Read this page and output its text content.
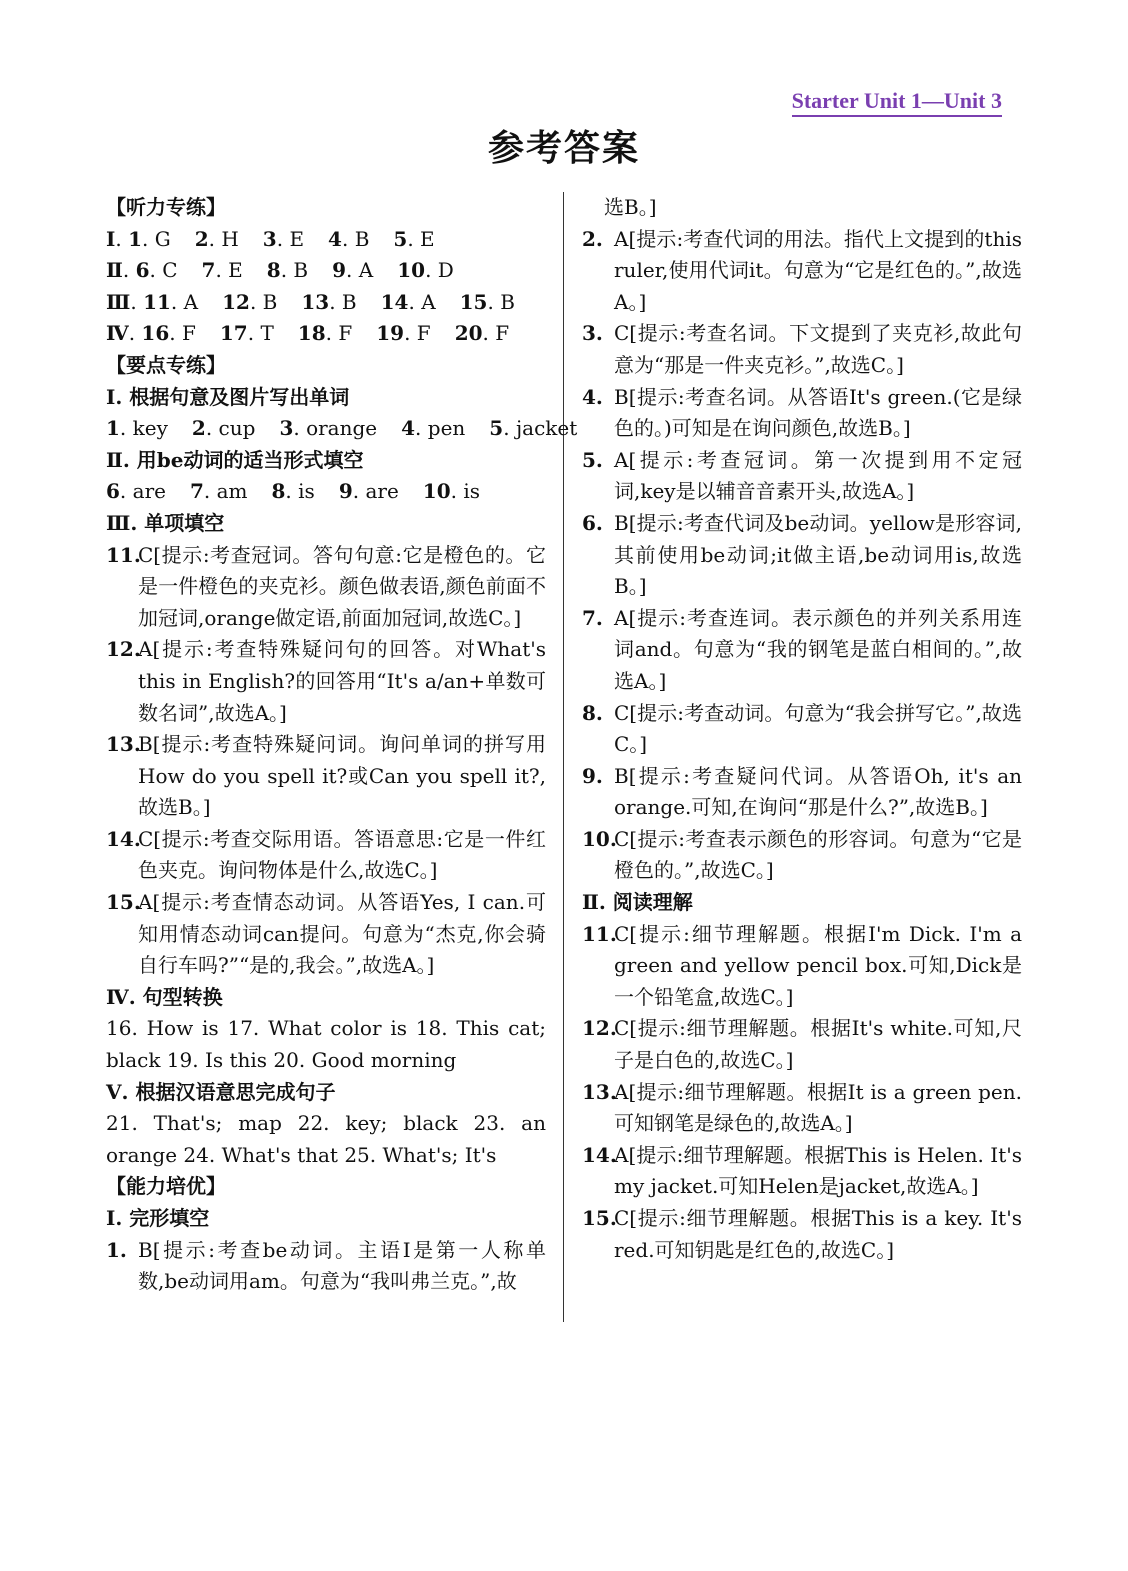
Starter Unit 1—Unit 3
参考答案
【听力专练】
Ⅰ. 1. G 2. H 3. E 4. B 5. E
Ⅱ. 6. C 7. E 8. B 9. A 10. D
Ⅲ. 11. A 12. B 13. B 14. A 15. B
Ⅳ. 16. F 17. T 18. F 19. F 20. F
【要点专练】
Ⅰ. 根据句意及图片写出单词
1. key 2. cup 3. orange 4. pen 5. jacket
Ⅱ. 用be动词的适当形式填空
6. are 7. am 8. is 9. are 10. is
Ⅲ. 单项填空
11.
C[提示:考查冠词。答句句意:它是橙色的。它是一件橙色的夹克衫。颜色做表语,颜色前面不加冠词,orange做定语,前面加冠词,故选C。]
12.
A[提示:考查特殊疑问句的回答。对What's this in English?的回答用“It's a/an+单数可数名词”,故选A。]
13.
B[提示:考查特殊疑问词。询问单词的拼写用How do you spell it?或Can you spell it?,故选B。]
14.
C[提示:考查交际用语。答语意思:它是一件红色夹克。询问物体是什么,故选C。]
15.
A[提示:考查情态动词。从答语Yes, I can.可知用情态动词can提问。句意为“杰克,你会骑自行车吗?”“是的,我会。”,故选A。]
Ⅳ. 句型转换
16. How is 17. What color is 18. This cat; black 19. Is this 20. Good morning
Ⅴ. 根据汉语意思完成句子
21. That's; map 22. key; black 23. an orange 24. What's that 25. What's; It's
【能力培优】
Ⅰ. 完形填空
1. B[提示:考查be动词。主语I是第一人称单数,be动词用am。句意为“我叫弗兰克。”,故
选B。]
2. A[提示:考查代词的用法。指代上文提到的this ruler,使用代词it。句意为“它是红色的。”,故选A。]
3. C[提示:考查名词。下文提到了夹克衫,故此句意为“那是一件夹克衫。”,故选C。]
4. B[提示:考查名词。从答语It's green.(它是绿色的。)可知是在询问颜色,故选B。]
5. A[提示:考查冠词。第一次提到用不定冠词,key是以辅音音素开头,故选A。]
6. B[提示:考查代词及be动词。yellow是形容词,其前使用be动词;it做主语,be动词用is,故选B。]
7. A[提示:考查连词。表示颜色的并列关系用连词and。句意为“我的钢笔是蓝白相间的。”,故选A。]
8. C[提示:考查动词。句意为“我会拼写它。”,故选C。]
9. B[提示:考查疑问代词。从答语Oh, it's an orange.可知,在询问“那是什么?”,故选B。]
10.
C[提示:考查表示颜色的形容词。句意为“它是橙色的。”,故选C。]
Ⅱ. 阅读理解
11.
C[提示:细节理解题。根据I'm Dick. I'm a green and yellow pencil box.可知,Dick是一个铅笔盒,故选C。]
12.
C[提示:细节理解题。根据It's white.可知,尺子是白色的,故选C。]
13.
A[提示:细节理解题。根据It is a green pen.可知钢笔是绿色的,故选A。]
14.
A[提示:细节理解题。根据This is Helen. It's my jacket.可知Helen是jacket,故选A。]
15.
C[提示:细节理解题。根据This is a key. It's red.可知钥匙是红色的,故选C。]
